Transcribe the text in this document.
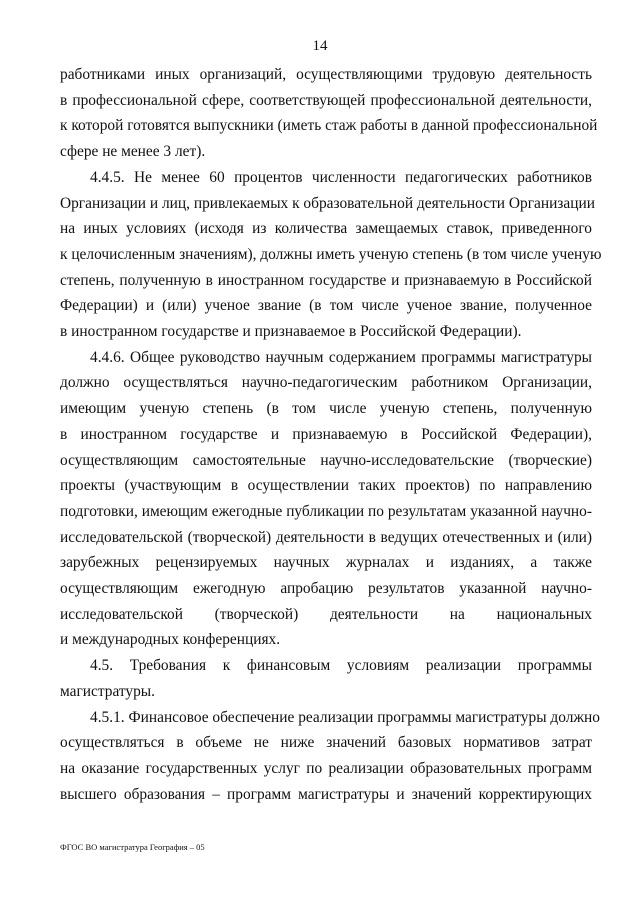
14
работниками иных организаций, осуществляющими трудовую деятельность
в профессиональной сфере, соответствующей профессиональной деятельности,
к которой готовятся выпускники (иметь стаж работы в данной профессиональной
сфере не менее 3 лет).
4.4.5. Не менее 60 процентов численности педагогических работников
Организации и лиц, привлекаемых к образовательной деятельности Организации
на иных условиях (исходя из количества замещаемых ставок, приведенного
к целочисленным значениям), должны иметь ученую степень (в том числе ученую
степень, полученную в иностранном государстве и признаваемую в Российской
Федерации) и (или) ученое звание (в том числе ученое звание, полученное
в иностранном государстве и признаваемое в Российской Федерации).
4.4.6. Общее руководство научным содержанием программы магистратуры
должно осуществляться научно-педагогическим работником Организации,
имеющим ученую степень (в том числе ученую степень, полученную
в иностранном государстве и признаваемую в Российской Федерации),
осуществляющим самостоятельные научно-исследовательские (творческие)
проекты (участвующим в осуществлении таких проектов) по направлению
подготовки, имеющим ежегодные публикации по результатам указанной научно-
исследовательской (творческой) деятельности в ведущих отечественных и (или)
зарубежных рецензируемых научных журналах и изданиях, а также
осуществляющим ежегодную апробацию результатов указанной научно-
исследовательской (творческой) деятельности на национальных
и международных конференциях.
4.5. Требования к финансовым условиям реализации программы
магистратуры.
4.5.1. Финансовое обеспечение реализации программы магистратуры должно
осуществляться в объеме не ниже значений базовых нормативов затрат
на оказание государственных услуг по реализации образовательных программ
высшего образования – программ магистратуры и значений корректирующих
ФГОС ВО магистратура География – 05
